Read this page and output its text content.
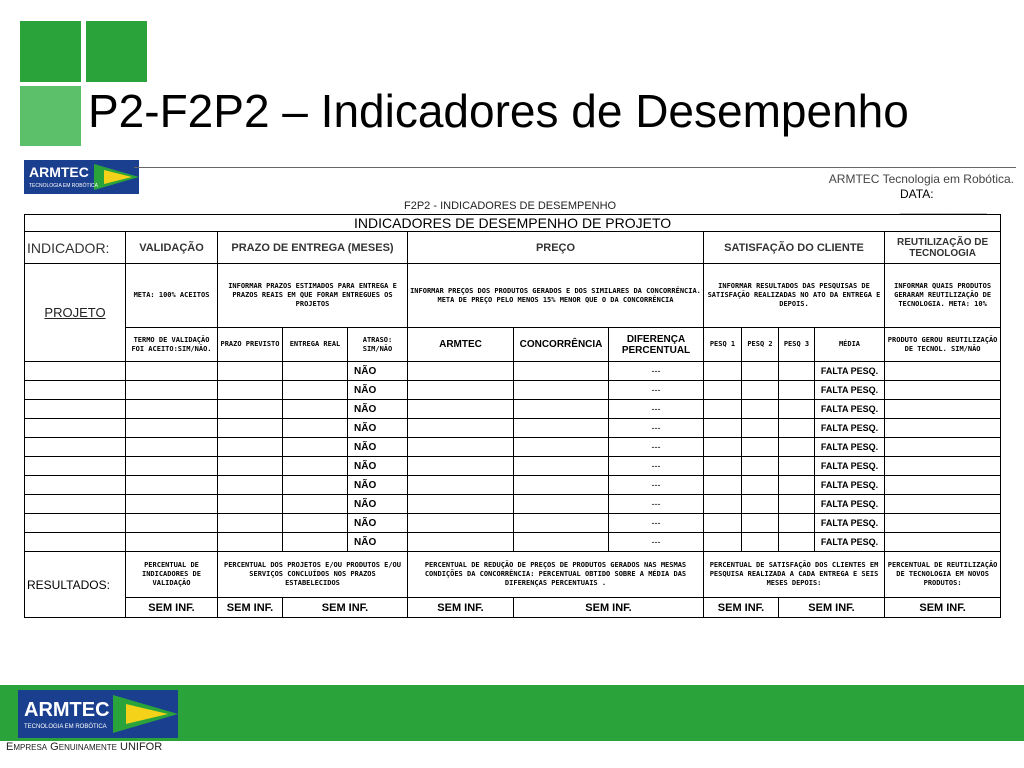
P2-F2P2 – Indicadores de Desempenho
ARMTEC
TECNOLOGIA EM ROBÓTICA	ARMTEC Tecnologia em Robótica.
DATA: _____________
F2P2 - INDICADORES DE DESEMPENHO
INDICADORES DE DESEMPENHO DE PROJETO												
INDICADOR:	VALIDAÇÃO	PRAZO DE ENTREGA (MESES)			PREÇO			SATISFAÇÃO DO CLIENTE				REUTILIZAÇÃO DE TECNOLOGIA
PROJETO	META: 100% ACEITOS	INFORMAR PRAZOS ESTIMADOS PARA ENTREGA E PRAZOS REAIS EM QUE FORAM ENTREGUES OS PROJETOS			INFORMAR PREÇOS DOS PRODUTOS GERADOS E DOS SIMILARES DA CONCORRÊNCIA. META DE PREÇO PELO MENOS 15% MENOR QUE O DA CONCORRÊNCIA			INFORMAR RESULTADOS DAS PESQUISAS DE SATISFAÇÃO REALIZADAS NO ATO DA ENTREGA E DEPOIS.				INFORMAR QUAIS PRODUTOS GERARAM REUTILIZAÇÃO DE TECNOLOGIA. META: 10%
	TERMO DE VALIDAÇÃO FOI ACEITO:SIM/NÃO.	PRAZO PREVISTO	ENTREGA REAL	ATRASO: SIM/NÃO	ARMTEC	CONCORRÊNCIA	DIFERENÇA PERCENTUAL	PESQ 1	PESQ 2	PESQ 3	MÉDIA	PRODUTO GEROU REUTILIZAÇÃO DE TECNOL. SIM/NÃO
				NÃO			---				FALTA PESQ.	
				NÃO			---				FALTA PESQ.	
				NÃO			---				FALTA PESQ.	
				NÃO			---				FALTA PESQ.	
				NÃO			---				FALTA PESQ.	
				NÃO			---				FALTA PESQ.	
				NÃO			---				FALTA PESQ.	
				NÃO			---				FALTA PESQ.	
				NÃO			---				FALTA PESQ.	
				NÃO			---				FALTA PESQ.	
RESULTADOS:	PERCENTUAL DE INDICADORES DE VALIDAÇÃO	PERCENTUAL DOS PROJETOS E/OU PRODUTOS E/OU SERVIÇOS CONCLUÍDOS NOS PRAZOS ESTABELECIDOS			PERCENTUAL DE REDUÇÃO DE PREÇOS DE PRODUTOS GERADOS NAS MESMAS CONDIÇÕES DA CONCORRÊNCIA: PERCENTUAL OBTIDO SOBRE A MÉDIA DAS DIFERENÇAS PERCENTUAIS .			PERCENTUAL DE SATISFAÇÃO DOS CLIENTES EM PESQUISA REALIZADA A CADA ENTREGA E SEIS MESES DEPOIS:				PERCENTUAL DE REUTILIZAÇÃO DE TECNOLOGIA EM NOVOS PRODUTOS:
	SEM INF.	SEM INF.	SEM INF.		SEM INF.	SEM INF.		SEM INF.		SEM INF.		SEM INF.
ARMTEC
TECNOLOGIA EM ROBÓTICA
Empresa Genuinamente UNIFOR
